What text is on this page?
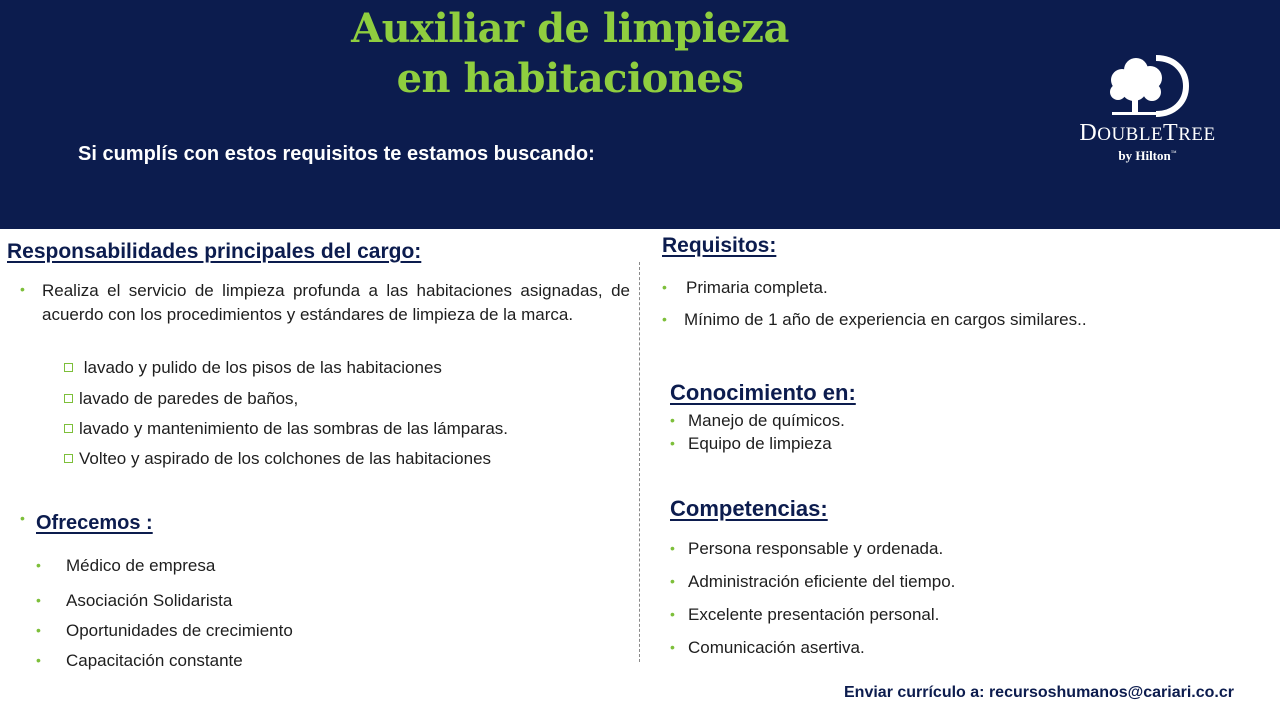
Auxiliar de limpieza
en habitaciones
Si cumplís con estos requisitos te estamos buscando:
DOUBLETREE
by Hilton™
Responsabilidades principales del cargo:
• Realiza el servicio de limpieza profunda a las habitaciones asignadas, de acuerdo con los procedimientos y estándares de limpieza de la marca.
lavado y pulido de los pisos de las habitaciones
lavado de paredes de baños,
lavado y mantenimiento de las sombras de las lámparas.
Volteo y aspirado de los colchones de las habitaciones
• Ofrecemos :
• Médico de empresa
• Asociación Solidarista
• Oportunidades de crecimiento
• Capacitación constante
Requisitos:
• Primaria completa.
• Mínimo de 1 año de experiencia en cargos similares..
Conocimiento en:
• Manejo de químicos.
• Equipo de limpieza
Competencias:
• Persona responsable y ordenada.
• Administración eficiente del tiempo.
• Excelente presentación personal.
• Comunicación asertiva.
Enviar currículo a: recursoshumanos@cariari.co.cr
